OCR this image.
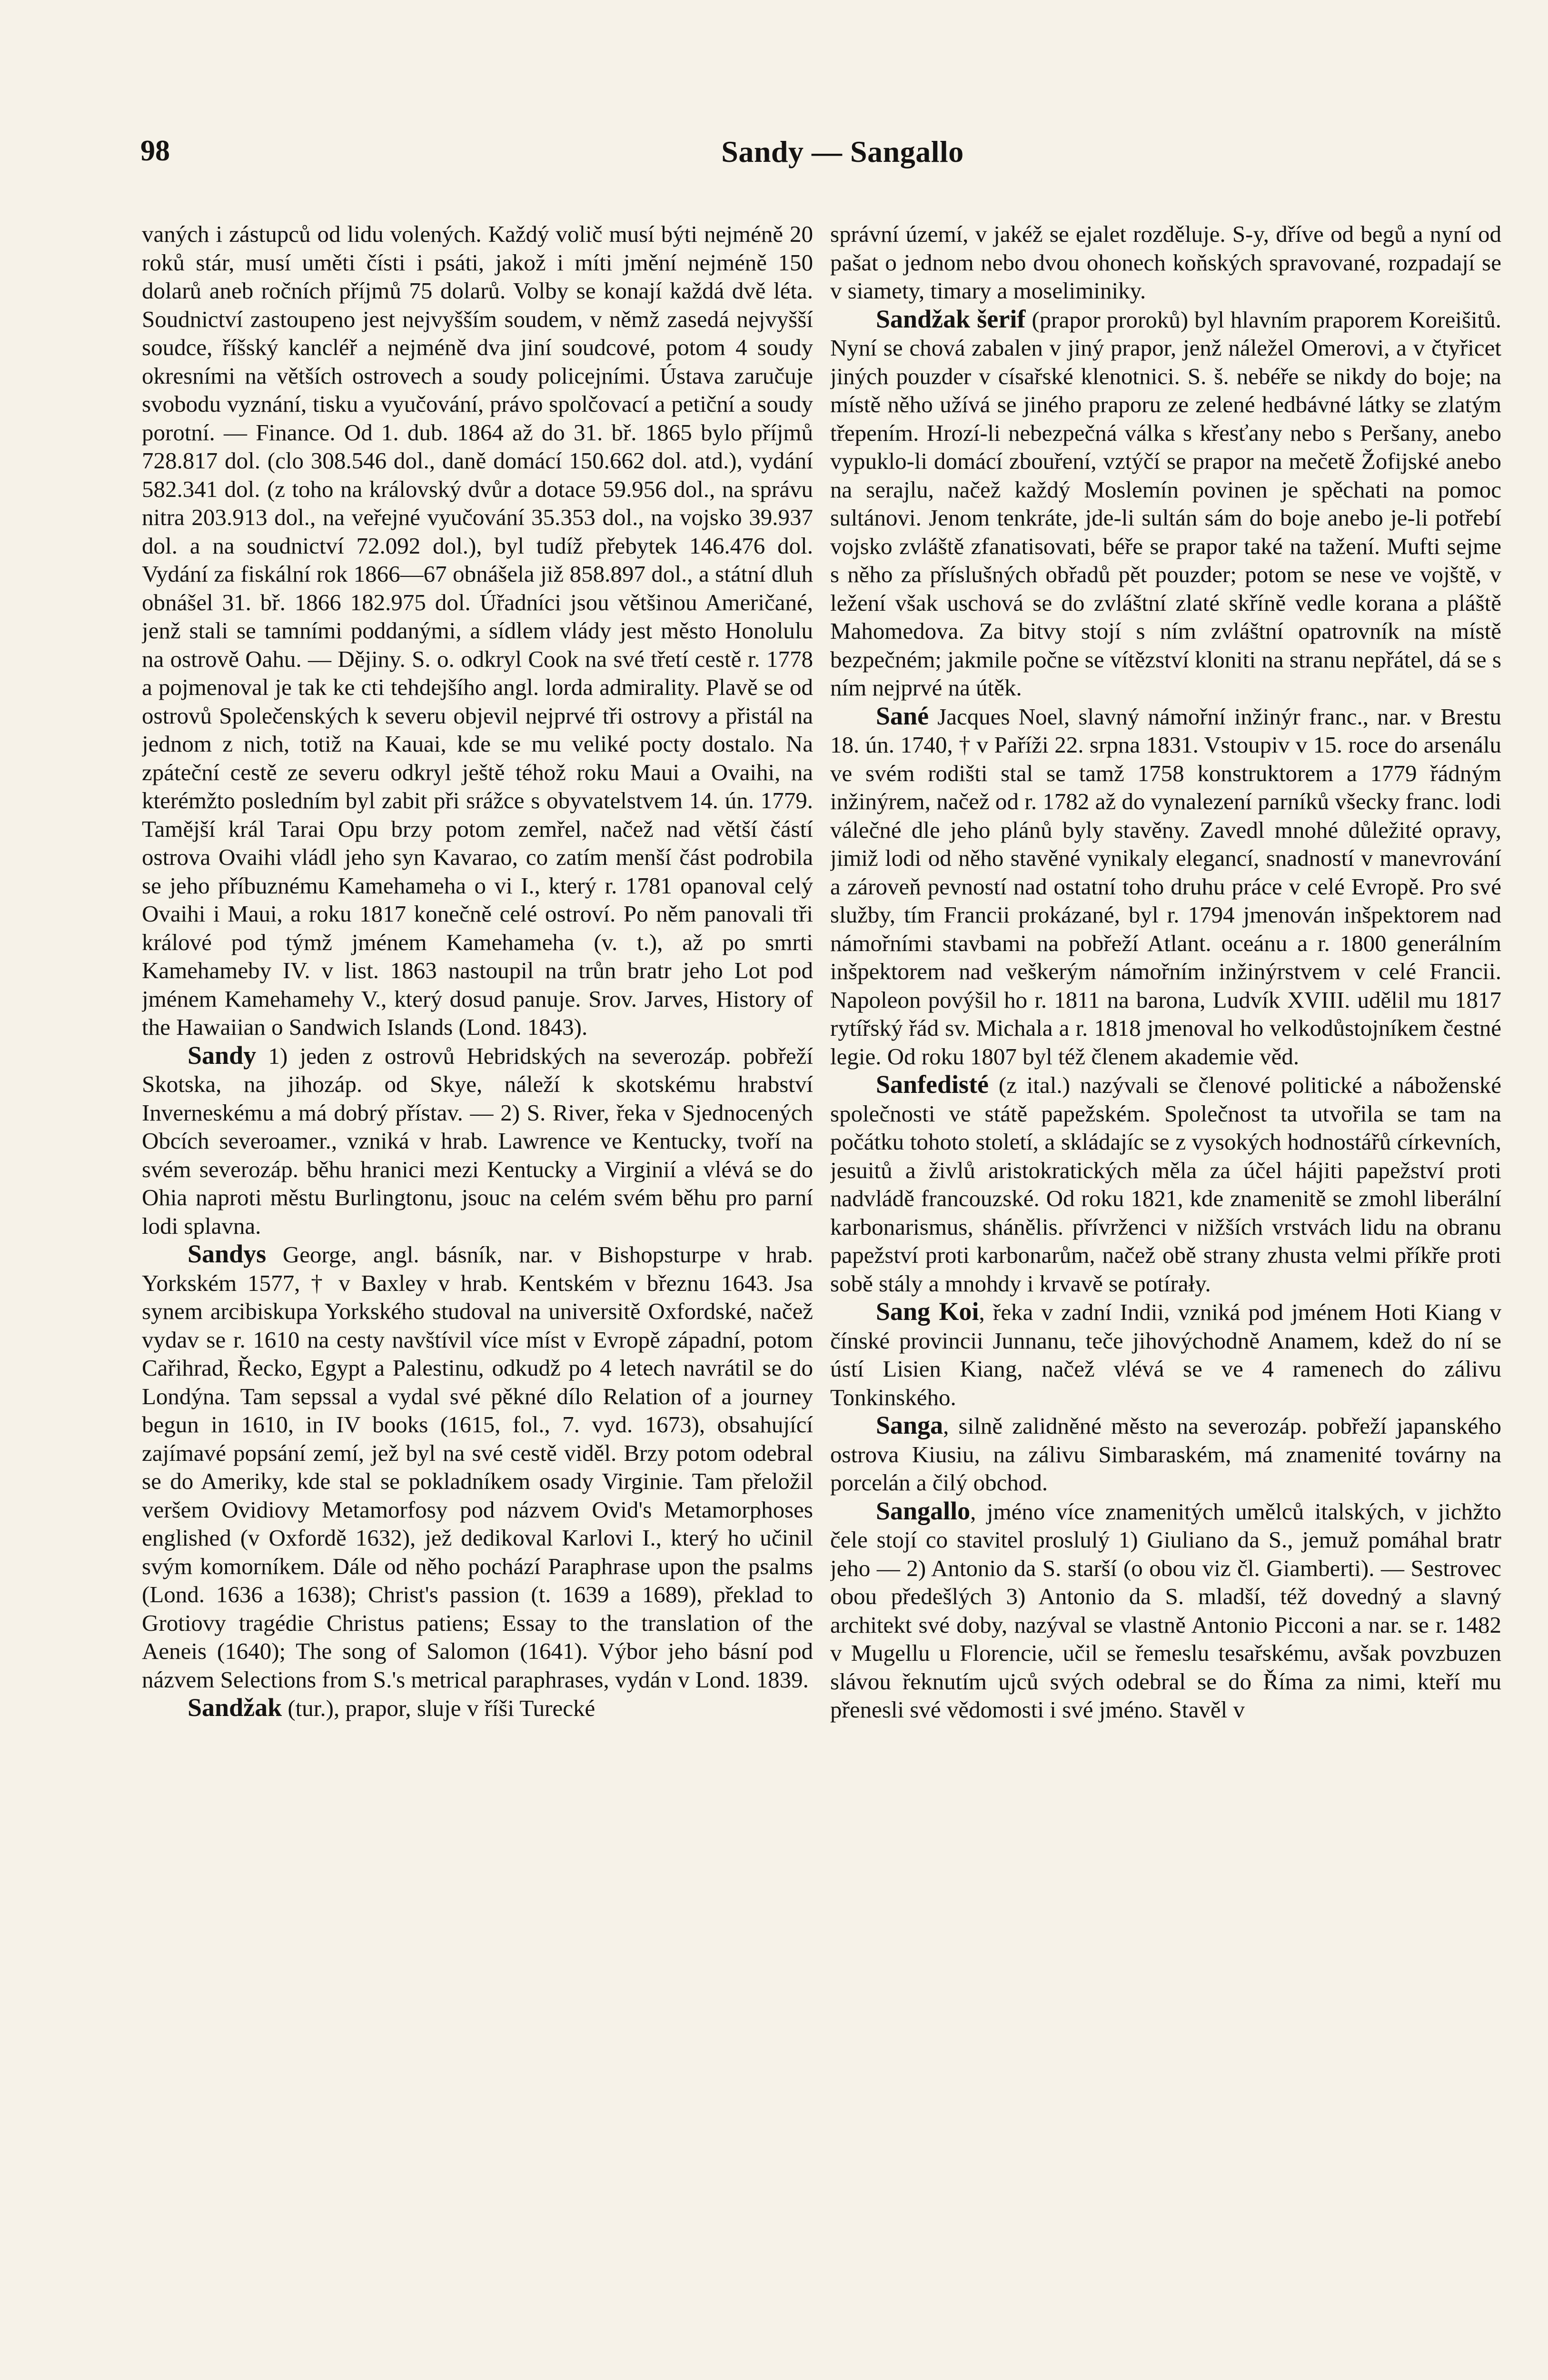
98	Sandy — Sangallo

vaných i zástupců od lidu volených. Každý volič musí býti nejméně 20 roků stár, musí uměti čísti i psáti, jakož i míti jmění nejméně 150 dolarů aneb ročních příjmů 75 dolarů. Volby se konají každá dvě léta. Soudnictví zastoupeno jest nejvyšším soudem, v němž zasedá nejvyšší soudce, říšský kancléř a nejméně dva jiní soudcové, potom 4 soudy okresními na větších ostrovech a soudy policejními. Ústava zaručuje svobodu vyznání, tisku a vyučování, právo spolčovací a petiční a soudy porotní. — Finance. Od 1. dub. 1864 až do 31. bř. 1865 bylo příjmů 728.817 dol. (clo 308.546 dol., daně domácí 150.662 dol. atd.), vydání 582.341 dol. (z toho na královský dvůr a dotace 59.956 dol., na správu nitra 203.913 dol., na veřejné vyučování 35.353 dol., na vojsko 39.937 dol. a na soudnictví 72.092 dol.), byl tudíž přebytek 146.476 dol. Vydání za fiskální rok 1866—67 obnášela již 858.897 dol., a státní dluh obnášel 31. bř. 1866 182.975 dol. Úřadníci jsou většinou Američané, jenž stali se tamními poddanými, a sídlem vlády jest město Honolulu na ostrově Oahu. — Dějiny. S. o. odkryl Cook na své třetí cestě r. 1778 a pojmenoval je tak ke cti tehdejšího angl. lorda admirality. Plavě se od ostrovů Společenských k severu objevil nejprvé tři ostrovy a přistál na jednom z nich, totiž na Kauai, kde se mu veliké pocty dostalo. Na zpáteční cestě ze severu odkryl ještě téhož roku Maui a Ovaihi, na kterémžto posledním byl zabit při srážce s obyvatelstvem 14. ún. 1779. Tamější král Tarai Opu brzy potom zemřel, načež nad větší částí ostrova Ovaihi vládl jeho syn Kavarao, co zatím menší část podrobila se jeho příbuznému Kamehameha o vi I., který r. 1781 opanoval celý Ovaihi i Maui, a roku 1817 konečně celé ostroví. Po něm panovali tři králové pod týmž jménem Kamehameha (v. t.), až po smrti Kamehameby IV. v list. 1863 nastoupil na trůn bratr jeho Lot pod jménem Kamehamehy V., který dosud panuje. Srov. Jarves, History of the Hawaiian o Sandwich Islands (Lond. 1843).

Sandy 1) jeden z ostrovů Hebridských na severozáp. pobřeží Skotska, na jihozáp. od Skye, náleží k skotskému hrabství Inverneskému a má dobrý přístav. — 2) S. River, řeka v Sjednocených Obcích severoamer., vzniká v hrab. Lawrence ve Kentucky, tvoří na svém severozáp. běhu hranici mezi Kentucky a Virginií a vlévá se do Ohia naproti městu Burlingtonu, jsouc na celém svém běhu pro parní lodi splavna.

Sandys George, angl. básník, nar. v Bishopsturpe v hrab. Yorkském 1577, † v Baxley v hrab. Kentském v březnu 1643. Jsa synem arcibiskupa Yorkského studoval na universitě Oxfordské, načež vydav se r. 1610 na cesty navštívil více míst v Evropě západní, potom Cařihrad, Řecko, Egypt a Palestinu, odkudž po 4 letech navrátil se do Londýna. Tam sepssal a vydal své pěkné dílo Relation of a journey begun in 1610, in IV books (1615, fol., 7. vyd. 1673), obsahující zajímavé popsání zemí, jež byl na své cestě viděl. Brzy potom odebral se do Ameriky, kde stal se pokladníkem osady Virginie. Tam přeložil veršem Ovidiovy Metamorfosy pod názvem Ovid's Metamorphoses englished (v Oxfordě 1632), jež dedikoval Karlovi I., který ho učinil svým komorníkem. Dále od něho pochází Paraphrase upon the psalms (Lond. 1636 a 1638); Christ's passion (t. 1639 a 1689), překlad to Grotiovy tragédie Christus patiens; Essay to the translation of the Aeneis (1640); The song of Salomon (1641). Výbor jeho básní pod názvem Selections from S.'s metrical paraphrases, vydán v Lond. 1839.

Sandžak (tur.), prapor, sluje v říši Turecké

správní území, v jakéž se ejalet rozděluje. S-y, dříve od begů a nyní od pašat o jednom nebo dvou ohonech koňských spravované, rozpadají se v siamety, timary a moseliminiky.

Sandžak šerif (prapor proroků) byl hlavním praporem Koreišitů. Nyní se chová zabalen v jiný prapor, jenž náležel Omerovi, a v čtyřicet jiných pouzder v císařské klenotnici. S. š. nebéře se nikdy do boje; na místě něho užívá se jiného praporu ze zelené hedbávné látky se zlatým třepením. Hrozí-li nebezpečná válka s křesťany nebo s Peršany, anebo vypuklo-li domácí zbouření, vztýčí se prapor na mečetě Žofijské anebo na serajlu, načež každý Moslemín povinen je spěchati na pomoc sultánovi. Jenom tenkráte, jde-li sultán sám do boje anebo je-li potřebí vojsko zvláště zfanatisovati, béře se prapor také na tažení. Mufti sejme s něho za příslušných obřadů pět pouzder; potom se nese ve vojště, v ležení však uschová se do zvláštní zlaté skříně vedle korana a pláště Mahomedova. Za bitvy stojí s ním zvláštní opatrovník na místě bezpečném; jakmile počne se vítězství kloniti na stranu nepřátel, dá se s ním nejprvé na útěk.

Sané Jacques Noel, slavný námořní inžinýr franc., nar. v Brestu 18. ún. 1740, † v Paříži 22. srpna 1831. Vstoupiv v 15. roce do arsenálu ve svém rodišti stal se tamž 1758 konstruktorem a 1779 řádným inžinýrem, načež od r. 1782 až do vynalezení parníků všecky franc. lodi válečné dle jeho plánů byly stavěny. Zavedl mnohé důležité opravy, jimiž lodi od něho stavěné vynikaly elegancí, snadností v manevrování a zároveň pevností nad ostatní toho druhu práce v celé Evropě. Pro své služby, tím Francii prokázané, byl r. 1794 jmenován inšpektorem nad námořními stavbami na pobřeží Atlant. oceánu a r. 1800 generálním inšpektorem nad veškerým námořním inžinýrstvem v celé Francii. Napoleon povýšil ho r. 1811 na barona, Ludvík XVIII. udělil mu 1817 rytířský řád sv. Michala a r. 1818 jmenoval ho velkodůstojníkem čestné legie. Od roku 1807 byl též členem akademie věd.

Sanfedisté (z ital.) nazývali se členové politické a náboženské společnosti ve státě papežském. Společnost ta utvořila se tam na počátku tohoto století, a skládajíc se z vysokých hodnostářů církevních, jesuitů a živlů aristokratických měla za účel hájiti papežství proti nadvládě francouzské. Od roku 1821, kde znamenitě se zmohl liberální karbonarismus, shánělis. přívrženci v nižších vrstvách lidu na obranu papežství proti karbonarům, načež obě strany zhusta velmi příkře proti sobě stály a mnohdy i krvavě se potírały.

Sang Koi, řeka v zadní Indii, vzniká pod jménem Hoti Kiang v čínské provincii Junnanu, teče jihovýchodně Anamem, kdež do ní se ústí Lisien Kiang, načež vlévá se ve 4 ramenech do zálivu Tonkinského.

Sanga, silně zalidněné město na severozáp. pobřeží japanského ostrova Kiusiu, na zálivu Simbaraském, má znamenité továrny na porcelán a čilý obchod.

Sangallo, jméno více znamenitých umělců italských, v jichžto čele stojí co stavitel proslulý 1) Giuliano da S., jemuž pomáhal bratr jeho — 2) Antonio da S. starší (o obou viz čl. Giamberti). — Sestrovec obou předešlých 3) Antonio da S. mladší, též dovedný a slavný architekt své doby, nazýval se vlastně Antonio Picconi a nar. se r. 1482 v Mugellu u Florencie, učil se řemeslu tesařskému, avšak povzbuzen slávou řeknutím ujců svých odebral se do Říma za nimi, kteří mu přenesli své vědomosti i své jméno. Stavěl v
